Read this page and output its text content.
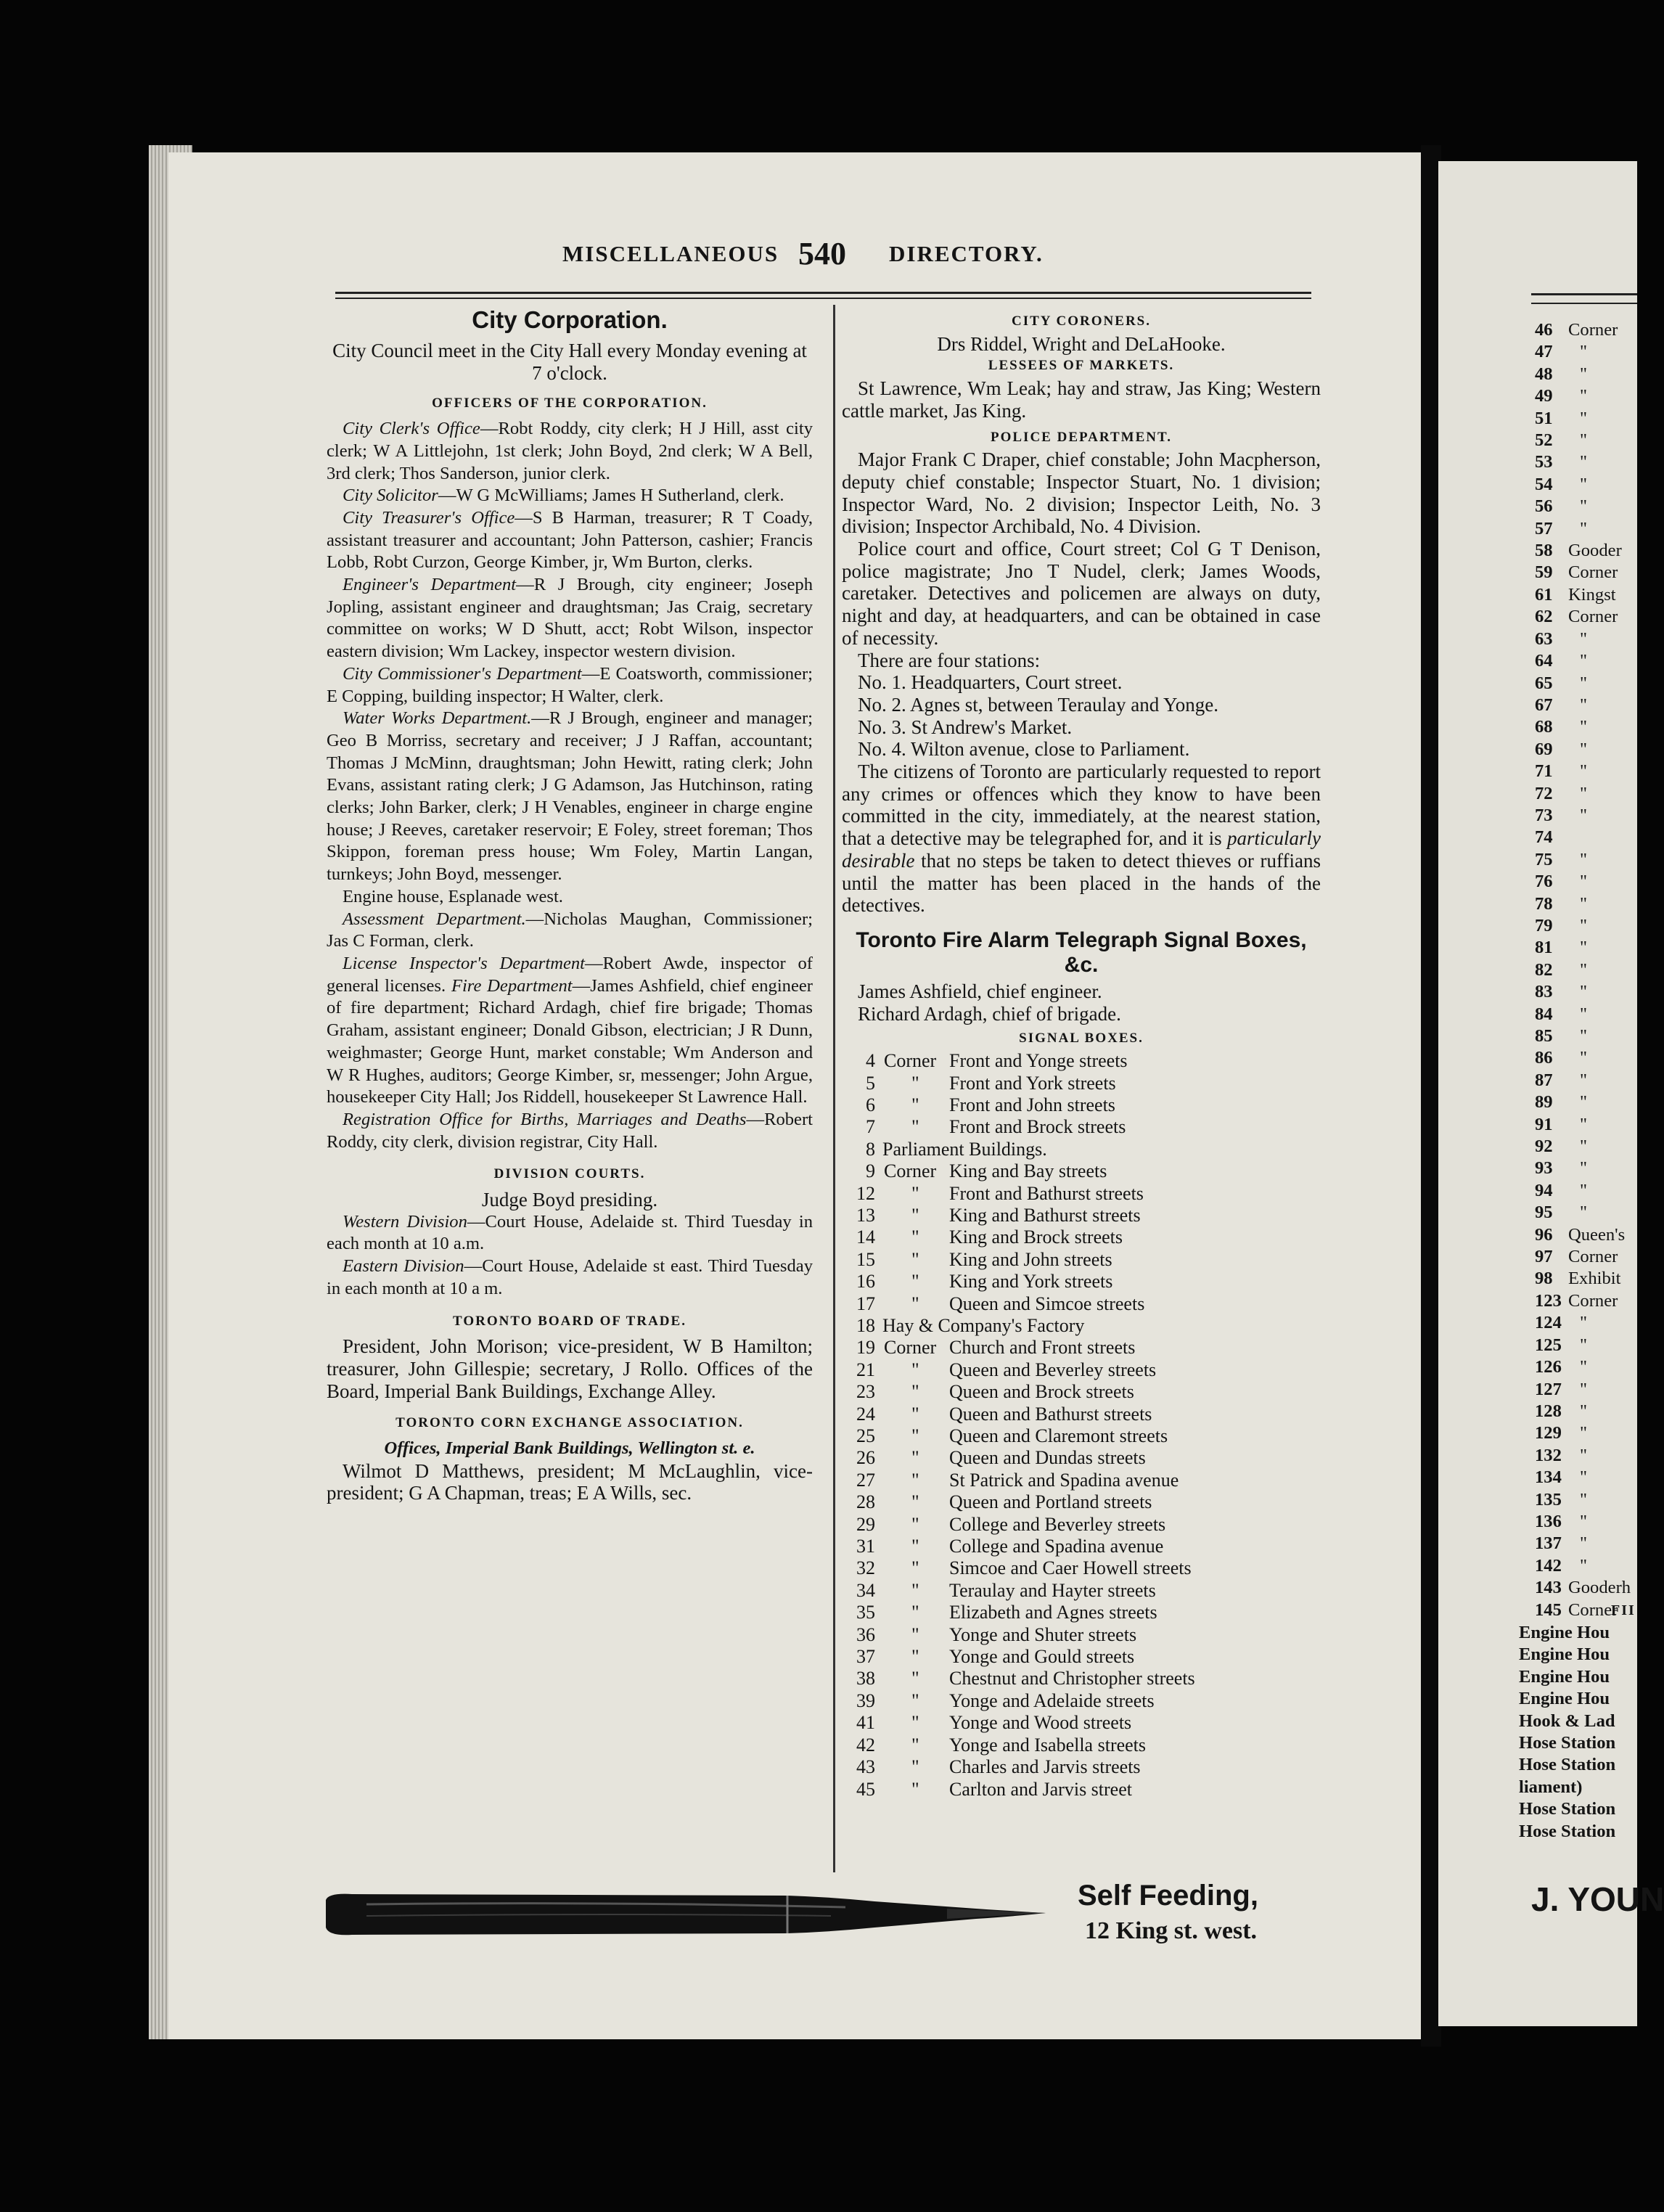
MISCELLANEOUS 540 DIRECTORY.

City Corporation.

City Council meet in the City Hall every Monday evening at 7 o'clock.

OFFICERS OF THE CORPORATION.

City Clerk's Office—Robt Roddy, city clerk; H J Hill, asst city clerk; W A Littlejohn, 1st clerk; John Boyd, 2nd clerk; W A Bell, 3rd clerk; Thos Sanderson, junior clerk.

City Solicitor—W G McWilliams; James H Sutherland, clerk.

City Treasurer's Office—S B Harman, treasurer; R T Coady, assistant treasurer and accountant; John Patterson, cashier; Francis Lobb, Robt Curzon, George Kimber, jr, Wm Burton, clerks.

Engineer's Department—R J Brough, city engineer; Joseph Jopling, assistant engineer and draughtsman; Jas Craig, secretary committee on works; W D Shutt, acct; Robt Wilson, inspector eastern division; Wm Lackey, inspector western division.

City Commissioner's Department—E Coatsworth, commissioner; E Copping, building inspector; H Walter, clerk.

Water Works Department.—R J Brough, engineer and manager; Geo B Morriss, secretary and receiver; J J Raffan, accountant; Thomas J McMinn, draughtsman; John Hewitt, rating clerk; John Evans, assistant rating clerk; J G Adamson, Jas Hutchinson, rating clerks; John Barker, clerk; J H Venables, engineer in charge engine house; J Reeves, caretaker reservoir; E Foley, street foreman; Thos Skippon, foreman press house; Wm Foley, Martin Langan, turnkeys; John Boyd, messenger.

Engine house, Esplanade west.

Assessment Department.—Nicholas Maughan, Commissioner; Jas C Forman, clerk.

License Inspector's Department—Robert Awde, inspector of general licenses. Fire Department—James Ashfield, chief engineer of fire department; Richard Ardagh, chief fire brigade; Thomas Graham, assistant engineer; Donald Gibson, electrician; J R Dunn, weighmaster; George Hunt, market constable; Wm Anderson and W R Hughes, auditors; George Kimber, sr, messenger; John Argue, housekeeper City Hall; Jos Riddell, housekeeper St Lawrence Hall.

Registration Office for Births, Marriages and Deaths—Robert Roddy, city clerk, division registrar, City Hall.

DIVISION COURTS.

Judge Boyd presiding.

Western Division—Court House, Adelaide st. Third Tuesday in each month at 10 a.m.

Eastern Division—Court House, Adelaide st east. Third Tuesday in each month at 10 a m.

TORONTO BOARD OF TRADE.

President, John Morison; vice-president, W B Hamilton; treasurer, John Gillespie; secretary, J Rollo. Offices of the Board, Imperial Bank Buildings, Exchange Alley.

TORONTO CORN EXCHANGE ASSOCIATION.

Offices, Imperial Bank Buildings, Wellington st. e.

Wilmot D Matthews, president; M McLaughlin, vice-president; G A Chapman, treas; E A Wills, sec.

CITY CORONERS.

Drs Riddel, Wright and DeLaHooke.

LESSEES OF MARKETS.

St Lawrence, Wm Leak; hay and straw, Jas King; Western cattle market, Jas King.

POLICE DEPARTMENT.

Major Frank C Draper, chief constable; John Macpherson, deputy chief constable; Inspector Stuart, No. 1 division; Inspector Ward, No. 2 division; Inspector Leith, No. 3 division; Inspector Archibald, No. 4 Division.

Police court and office, Court street; Col G T Denison, police magistrate; Jno T Nudel, clerk; James Woods, caretaker. Detectives and policemen are always on duty, night and day, at headquarters, and can be obtained in case of necessity.

There are four stations:

No. 1. Headquarters, Court street.

No. 2. Agnes st, between Teraulay and Yonge.

No. 3. St Andrew's Market.

No. 4. Wilton avenue, close to Parliament.

The citizens of Toronto are particularly requested to report any crimes or offences which they know to have been committed in the city, immediately, at the nearest station, that a detective may be telegraphed for, and it is particularly desirable that no steps be taken to detect thieves or ruffians until the matter has been placed in the hands of the detectives.

Toronto Fire Alarm Telegraph Signal Boxes, &c.

James Ashfield, chief engineer.

Richard Ardagh, chief of brigade.

SIGNAL BOXES.

4 Corner Front and Yonge streets
5	"	Front and York streets
6	"	Front and John streets
7	"	Front and Brock streets
8 Parliament Buildings.
9 Corner King and Bay streets
12	"	Front and Bathurst streets
13	"	King and Bathurst streets
14	"	King and Brock streets
15	"	King and John streets
16	"	King and York streets
17	"	Queen and Simcoe streets
18 Hay & Company's Factory
19 Corner Church and Front streets
21	"	Queen and Beverley streets
23	"	Queen and Brock streets
24	"	Queen and Bathurst streets
25	"	Queen and Claremont streets
26	"	Queen and Dundas streets
27	"	St Patrick and Spadina avenue
28	"	Queen and Portland streets
29	"	College and Beverley streets
31	"	College and Spadina avenue
32	"	Simcoe and Caer Howell streets
34	"	Teraulay and Hayter streets
35	"	Elizabeth and Agnes streets
36	"	Yonge and Shuter streets
37	"	Yonge and Gould streets
38	"	Chestnut and Christopher streets
39	"	Yonge and Adelaide streets
41	"	Yonge and Wood streets
42	"	Yonge and Isabella streets
43	"	Charles and Jarvis streets
45	"	Carlton and Jarvis street
Self Feeding,
12 King st. west.
46 Corner
47	"
48	"
49	"
51	"
52	"
53	"
54	"
56	"
57	"
58 Gooder
59 Corner
61 Kingst
62 Corner
63	"
64	"
65	"
67	"
68	"
69	"
71	"
72	"
73	"
74
75	"
76	"
78	"
79	"
81	"
82	"
83	"
84	"
85	"
86	"
87	"
89	"
91	"
92	"
93	"
94	"
95	"
96 Queen's
97 Corner
98 Exhibit
123 Corner
124	"
125	"
126	"
127	"
128	"
129	"
132	"
134	"
135	"
136	"
137	"
142	"
143 Gooderh
145 Corner
FII
Engine Hou
Engine Hou
Engine Hou
Engine Hou
Hook & Lad
Hose Station
Hose Station
liament)
Hose Station
Hose Station
J. YOUN
